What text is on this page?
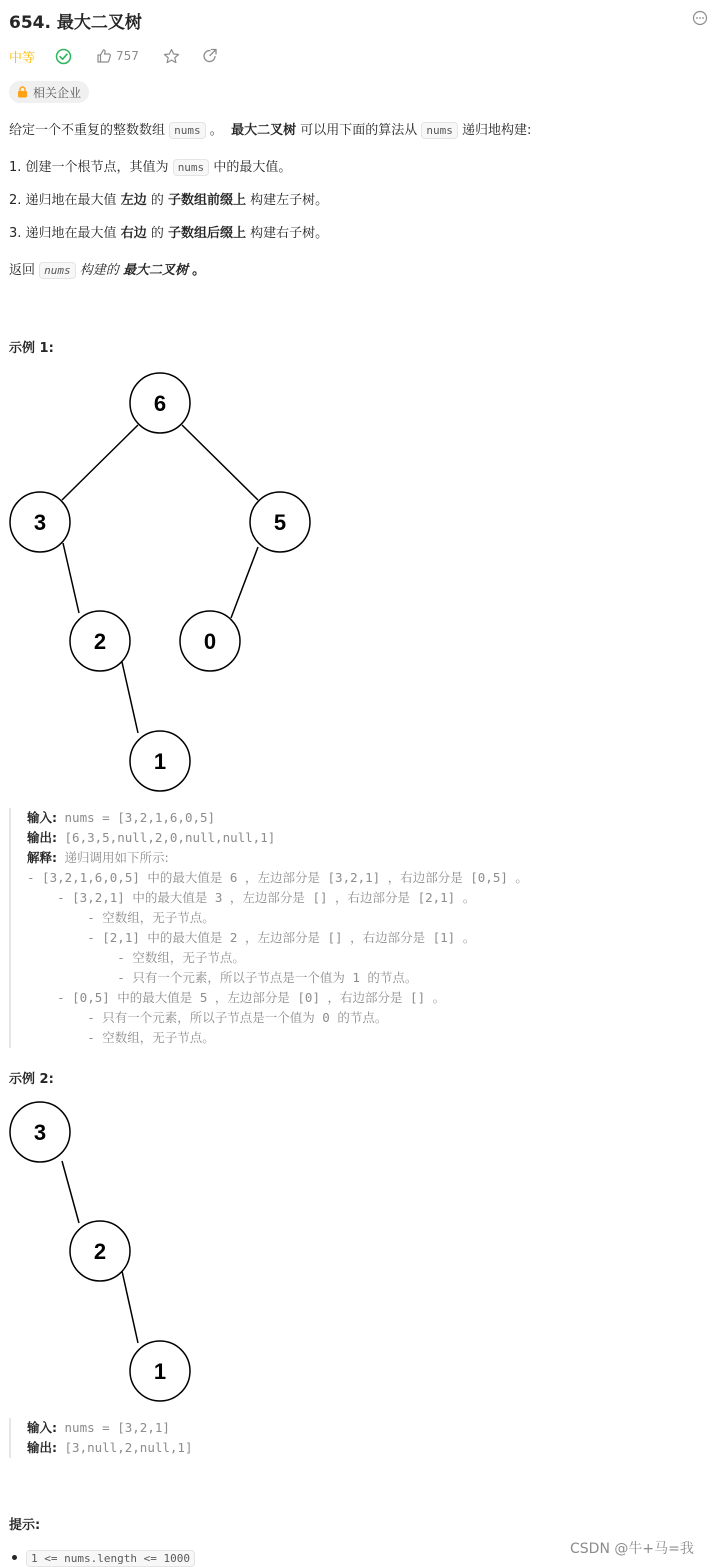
654. 最大二叉树
中等	757
相关企业
给定一个不重复的整数数组 nums 。 最大二叉树 可以用下面的算法从 nums 递归地构建:
1. 创建一个根节点，其值为 nums 中的最大值。
2. 递归地在最大值 左边 的 子数组前缀上 构建左子树。
3. 递归地在最大值 右边 的 子数组后缀上 构建右子树。
返回 nums 构建的 最大二叉树 。
示例 1:
6
3	5
2	0
1
输入: nums = [3,2,1,6,0,5]
输出: [6,3,5,null,2,0,null,null,1]
解释: 递归调用如下所示:
- [3,2,1,6,0,5] 中的最大值是 6 ，左边部分是 [3,2,1] ，右边部分是 [0,5] 。
- [3,2,1] 中的最大值是 3 ，左边部分是 [] ，右边部分是 [2,1] 。
- 空数组，无子节点。
- [2,1] 中的最大值是 2 ，左边部分是 [] ，右边部分是 [1] 。
- 空数组，无子节点。
- 只有一个元素，所以子节点是一个值为 1 的节点。
- [0,5] 中的最大值是 5 ，左边部分是 [0] ，右边部分是 [] 。
- 只有一个元素，所以子节点是一个值为 0 的节点。
- 空数组，无子节点。
示例 2:
3
2
1
输入: nums = [3,2,1]
输出: [3,null,2,null,1]
提示:
1 <= nums.length <= 1000
CSDN @牛+马=我
